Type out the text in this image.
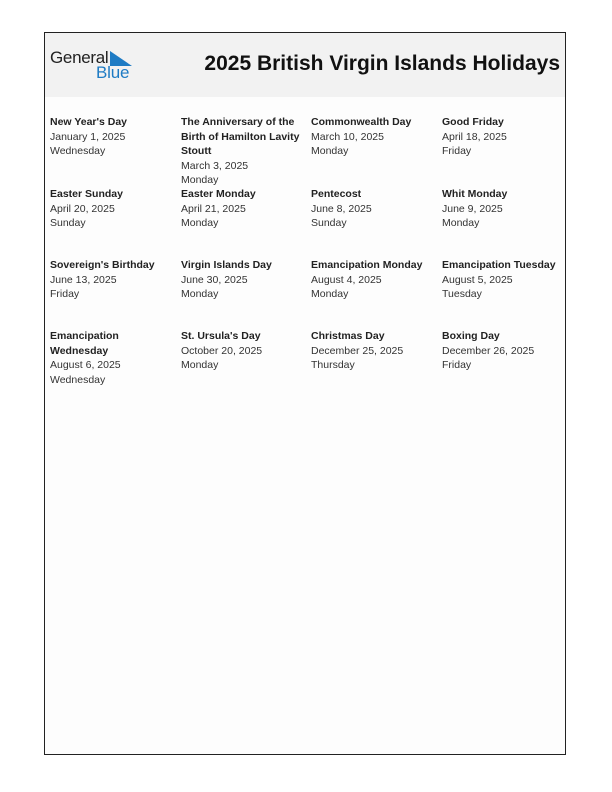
General
Blue	2025 British Virgin Islands Holidays
New Year's Day
January 1, 2025
Wednesday
The Anniversary of the Birth of Hamilton Lavity Stoutt
March 3, 2025
Monday
Commonwealth Day
March 10, 2025
Monday
Good Friday
April 18, 2025
Friday
Easter Sunday
April 20, 2025
Sunday
Easter Monday
April 21, 2025
Monday
Pentecost
June 8, 2025
Sunday
Whit Monday
June 9, 2025
Monday
Sovereign's Birthday
June 13, 2025
Friday
Virgin Islands Day
June 30, 2025
Monday
Emancipation Monday
August 4, 2025
Monday
Emancipation Tuesday
August 5, 2025
Tuesday
Emancipation Wednesday
August 6, 2025
Wednesday
St. Ursula's Day
October 20, 2025
Monday
Christmas Day
December 25, 2025
Thursday
Boxing Day
December 26, 2025
Friday
